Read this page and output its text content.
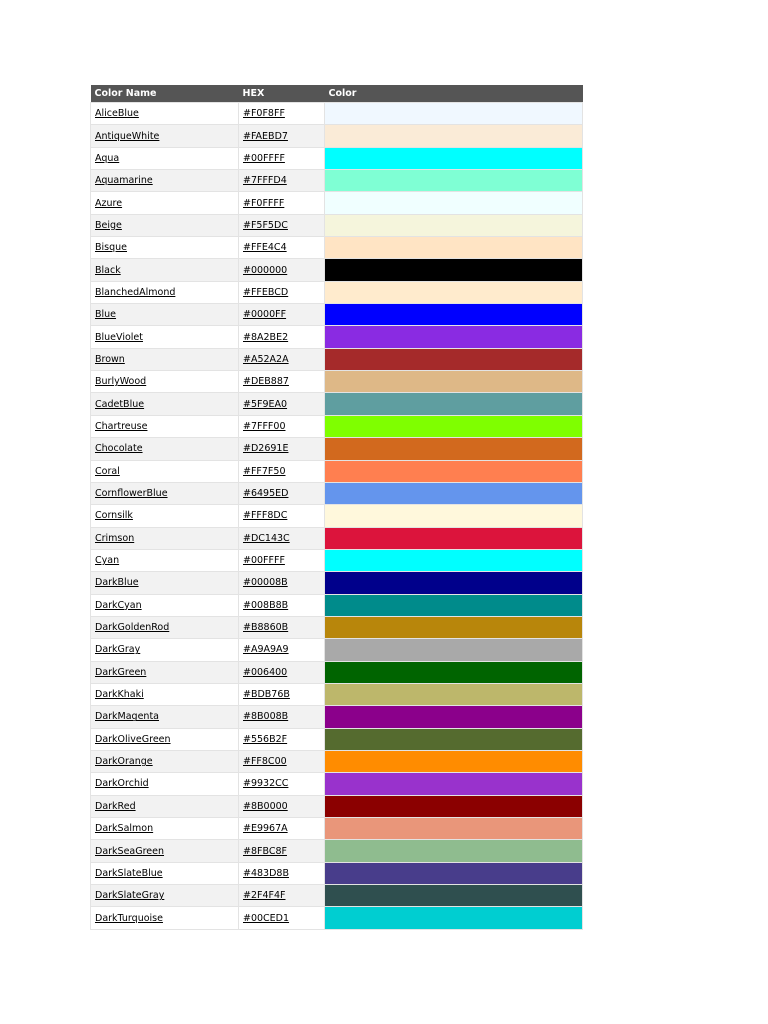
Color Name	HEX	Color
AliceBlue	#F0F8FF	
AntiqueWhite	#FAEBD7	
Aqua	#00FFFF	
Aquamarine	#7FFFD4	
Azure	#F0FFFF	
Beige	#F5F5DC	
Bisque	#FFE4C4	
Black	#000000	
BlanchedAlmond	#FFEBCD	
Blue	#0000FF	
BlueViolet	#8A2BE2	
Brown	#A52A2A	
BurlyWood	#DEB887	
CadetBlue	#5F9EA0	
Chartreuse	#7FFF00	
Chocolate	#D2691E	
Coral	#FF7F50	
CornflowerBlue	#6495ED	
Cornsilk	#FFF8DC	
Crimson	#DC143C	
Cyan	#00FFFF	
DarkBlue	#00008B	
DarkCyan	#008B8B	
DarkGoldenRod	#B8860B	
DarkGray	#A9A9A9	
DarkGreen	#006400	
DarkKhaki	#BDB76B	
DarkMagenta	#8B008B	
DarkOliveGreen	#556B2F	
DarkOrange	#FF8C00	
DarkOrchid	#9932CC	
DarkRed	#8B0000	
DarkSalmon	#E9967A	
DarkSeaGreen	#8FBC8F	
DarkSlateBlue	#483D8B	
DarkSlateGray	#2F4F4F	
DarkTurquoise	#00CED1	
